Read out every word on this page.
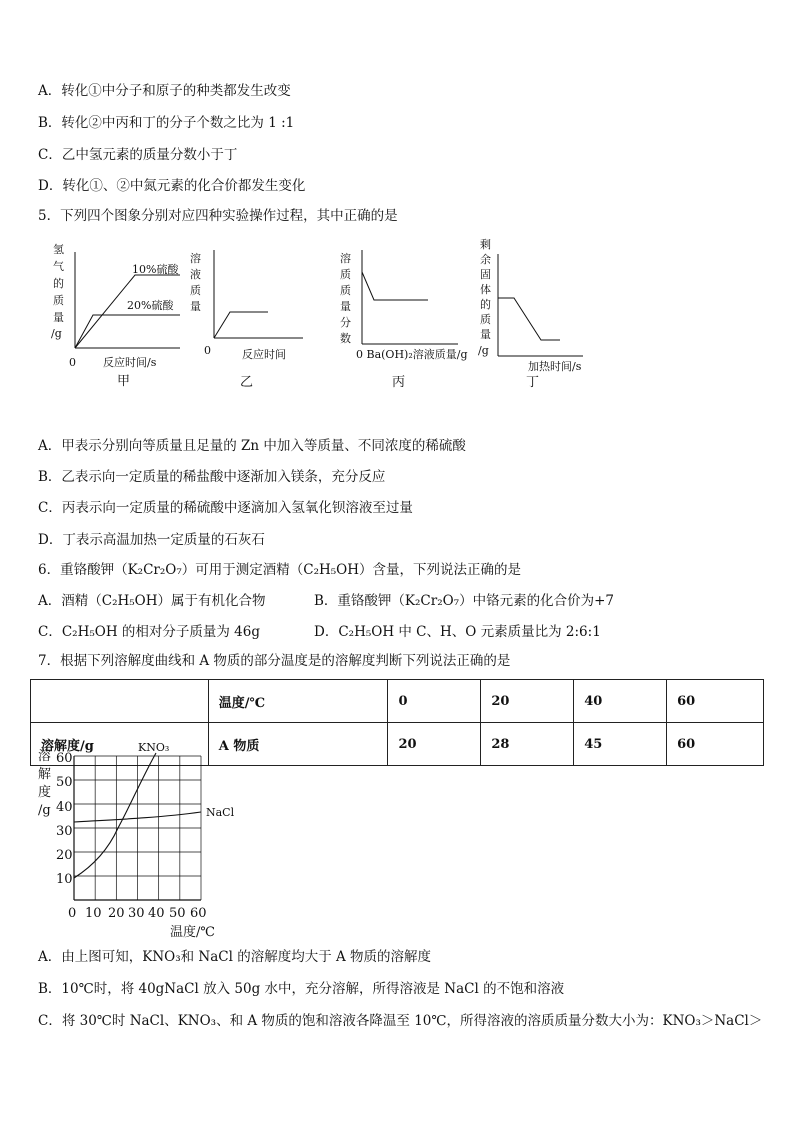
A．转化①中分子和原子的种类都发生改变
B．转化②中丙和丁的分子个数之比为 1 :1
C．乙中氢元素的质量分数小于丁
D．转化①、②中氮元素的化合价都发生变化
5．下列四个图象分别对应四种实验操作过程，其中正确的是
氢
气
的
质
量
/g
10%硫酸
20%硫酸
0 反应时间/s
甲
溶
液
质
量
0	反应时间
乙
溶
质
质
量
分
数
0 Ba(OH)₂溶液质量/g
丙
剩
余
固
体
的
质
量
/g
加热时间/s
丁
A．甲表示分别向等质量且足量的 Zn 中加入等质量、不同浓度的稀硫酸
B．乙表示向一定质量的稀盐酸中逐渐加入镁条，充分反应
C．丙表示向一定质量的稀硫酸中逐滴加入氢氧化钡溶液至过量
D．丁表示高温加热一定质量的石灰石
6．重铬酸钾（K₂Cr₂O₇）可用于测定酒精（C₂H₅OH）含量，下列说法正确的是
A．酒精（C₂H₅OH）属于有机化合物	B．重铬酸钾（K₂Cr₂O₇）中铬元素的化合价为+7
C．C₂H₅OH 的相对分子质量为 46g	D．C₂H₅OH 中 C、H、O 元素质量比为 2:6:1
7．根据下列溶解度曲线和 A 物质的部分温度是的溶解度判断下列说法正确的是
	温度/℃	0	20	40	60
溶解度/g	A 物质	20	28	45	60
溶
解
度
/g
60
50
40
30
20
10
0 10 20 30 40 50 60
温度/℃
KNO₃
NaCl
A．由上图可知，KNO₃和 NaCl 的溶解度均大于 A 物质的溶解度
B．10℃时，将 40gNaCl 放入 50g 水中，充分溶解，所得溶液是 NaCl 的不饱和溶液
C．将 30℃时 NaCl、KNO₃、和 A 物质的饱和溶液各降温至 10℃，所得溶液的溶质质量分数大小为：KNO₃＞NaCl＞
